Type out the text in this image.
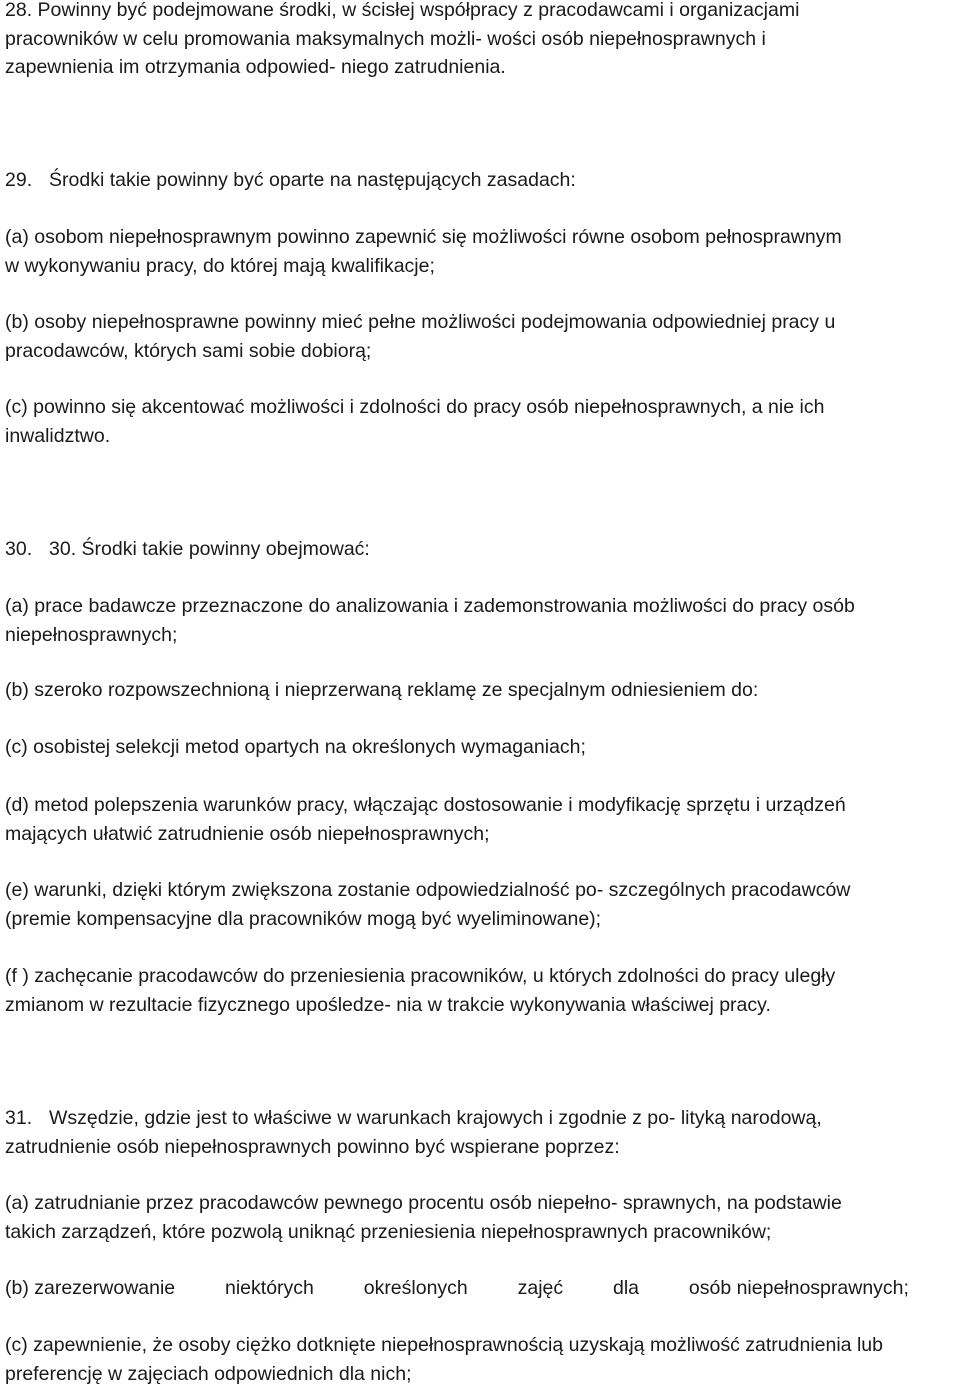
28. Powinny być podejmowane środki, w ścisłej współpracy z pracodawcami i organizacjami
pracowników w celu promowania maksymalnych możli- wości osób niepełnosprawnych i
zapewnienia im otrzymania odpowied- niego zatrudnienia.
29. Środki takie powinny być oparte na następujących zasadach:
(a) osobom niepełnosprawnym powinno zapewnić się możliwości równe osobom pełnosprawnym
w wykonywaniu pracy, do której mają kwalifikacje;
(b) osoby niepełnosprawne powinny mieć pełne możliwości podejmowania odpowiedniej pracy u
pracodawców, których sami sobie dobiorą;
(c) powinno się akcentować możliwości i zdolności do pracy osób niepełnosprawnych, a nie ich
inwalidztwo.
30. 30. Środki takie powinny obejmować:
(a) prace badawcze przeznaczone do analizowania i zademonstrowania możliwości do pracy osób
niepełnosprawnych;
(b) szeroko rozpowszechnioną i nieprzerwaną reklamę ze specjalnym odniesieniem do:
(c) osobistej selekcji metod opartych na określonych wymaganiach;
(d) metod polepszenia warunków pracy, włączając dostosowanie i modyfikację sprzętu i urządzeń
mających ułatwić zatrudnienie osób niepełnosprawnych;
(e) warunki, dzięki którym zwiększona zostanie odpowiedzialność po- szczególnych pracodawców
(premie kompensacyjne dla pracowników mogą być wyeliminowane);
(f ) zachęcanie pracodawców do przeniesienia pracowników, u których zdolności do pracy uległy
zmianom w rezultacie fizycznego upośledze- nia w trakcie wykonywania właściwej pracy.
31. Wszędzie, gdzie jest to właściwe w warunkach krajowych i zgodnie z po- lityką narodową,
zatrudnienie osób niepełnosprawnych powinno być wspierane poprzez:
(a) zatrudnianie przez pracodawców pewnego procentu osób niepełno- sprawnych, na podstawie
takich zarządzeń, które pozwolą uniknąć przeniesienia niepełnosprawnych pracowników;
(b) zarezerwowanie	niektórych	określonych	zajęć	dla	osób niepełnosprawnych;
(c) zapewnienie, że osoby ciężko dotknięte niepełnosprawnością uzyskają możliwość zatrudnienia lub
preferencję w zajęciach odpowiednich dla nich;
